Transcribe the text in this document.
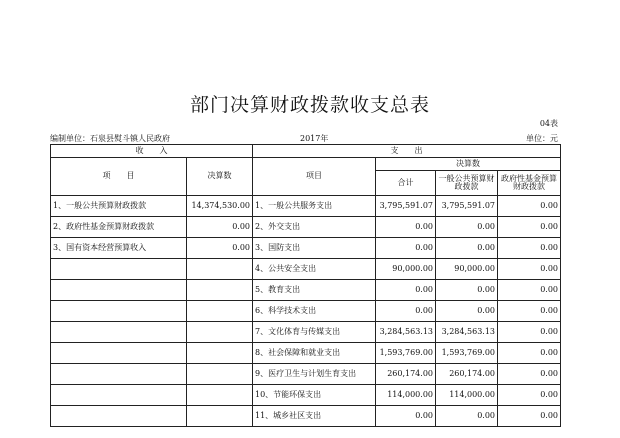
部门决算财政拨款收支总表
04表
编制单位：石泉县熨斗镇人民政府	2017年	单位：元
收　　入		支　　出			
项　　目	决算数	项目	决算数		
			合计	一般公共预算财政拨款	政府性基金预算财政拨款
1、一般公共预算财政拨款	14,374,530.00	1、一般公共服务支出	3,795,591.07	3,795,591.07	0.00
2、政府性基金预算财政拨款	0.00	2、外交支出	0.00	0.00	0.00
3、国有资本经营预算收入	0.00	3、国防支出	0.00	0.00	0.00
		4、公共安全支出	90,000.00	90,000.00	0.00
		5、教育支出	0.00	0.00	0.00
		6、科学技术支出	0.00	0.00	0.00
		7、文化体育与传媒支出	3,284,563.13	3,284,563.13	0.00
		8、社会保障和就业支出	1,593,769.00	1,593,769.00	0.00
		9、医疗卫生与计划生育支出	260,174.00	260,174.00	0.00
		10、节能环保支出	114,000.00	114,000.00	0.00
		11、城乡社区支出	0.00	0.00	0.00
